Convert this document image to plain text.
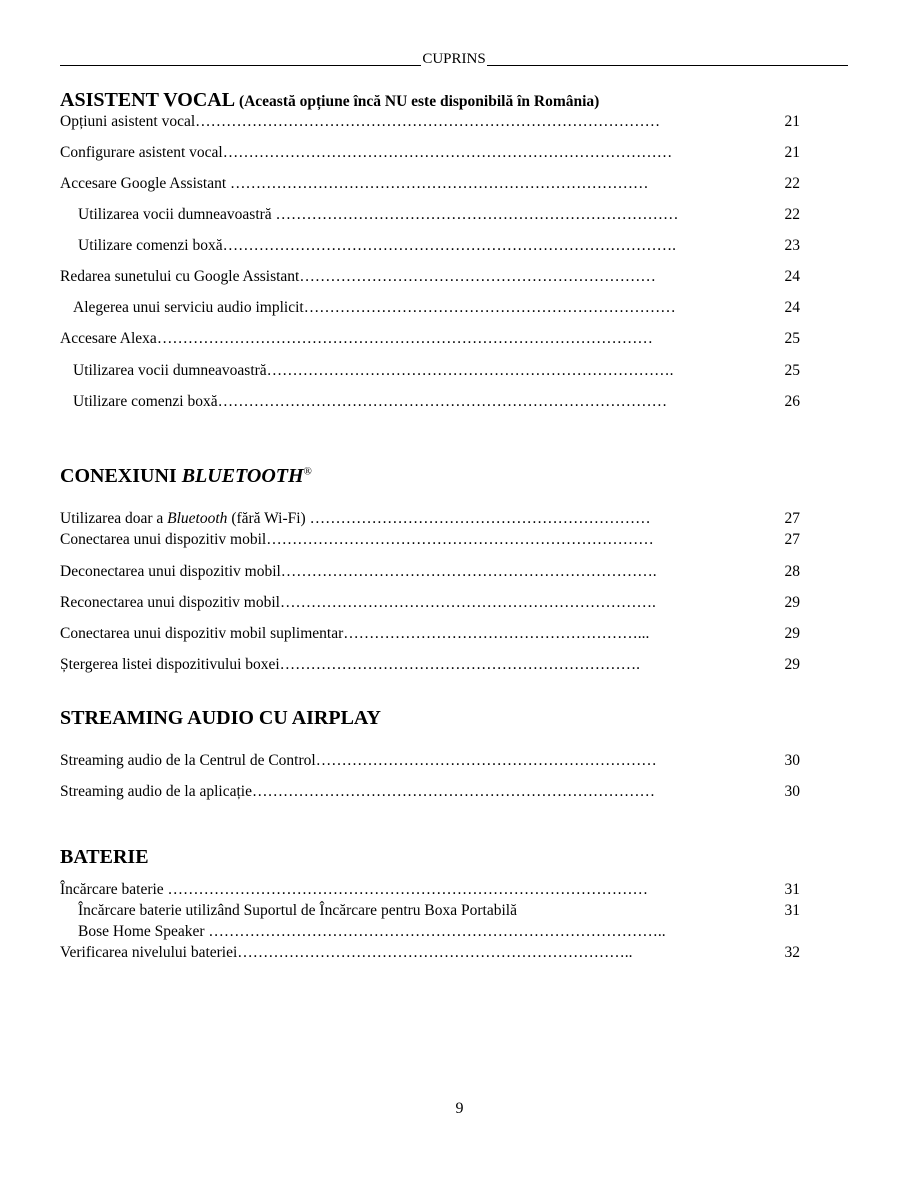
CUPRINS
ASISTENT VOCAL (Această opțiune încă NU este disponibilă în România)
Opțiuni asistent vocal………………………………………………………………………………	21
Configurare asistent vocal……………………………………………………………………………	21
Accesare Google Assistant ………………………………………………………………………	22
Utilizarea vocii dumneavoastră ……………………………………………………………………	22
Utilizare comenzi boxă…………………………………………………………………………….	23
Redarea sunetului cu Google Assistant……………………………………………………………	24
Alegerea unui serviciu audio implicit………………………………………………………………	24
Accesare Alexa……………………………………………………………………………………	25
Utilizarea vocii dumneavoastră…………………………………………………………………….	25
Utilizare comenzi boxă……………………………………………………………………………	26
CONEXIUNI BLUETOOTH®
Utilizarea doar a Bluetooth (fără Wi-Fi) …………………………………………………………	27
Conectarea unui dispozitiv mobil…………………………………………………………………	27
Deconectarea unui dispozitiv mobil……………………………………………………………….	28
Reconectarea unui dispozitiv mobil……………………………………………………………….	29
Conectarea unui dispozitiv mobil suplimentar…………………………………………………...	29
Ștergerea listei dispozitivului boxei…………………………………………………………….	29
STREAMING AUDIO CU AIRPLAY
Streaming audio de la Centrul de Control…………………………………………………………	30
Streaming audio de la aplicație……………………………………………………………………	30
BATERIE
Încărcare baterie …………………………………………………………………………………	31
Încărcare baterie utilizând Suportul de Încărcare pentru Boxa Portabilă	31
Bose Home Speaker ……………………………………………………………………………..
Verificarea nivelului bateriei…………………………………………………………………..	32
9
